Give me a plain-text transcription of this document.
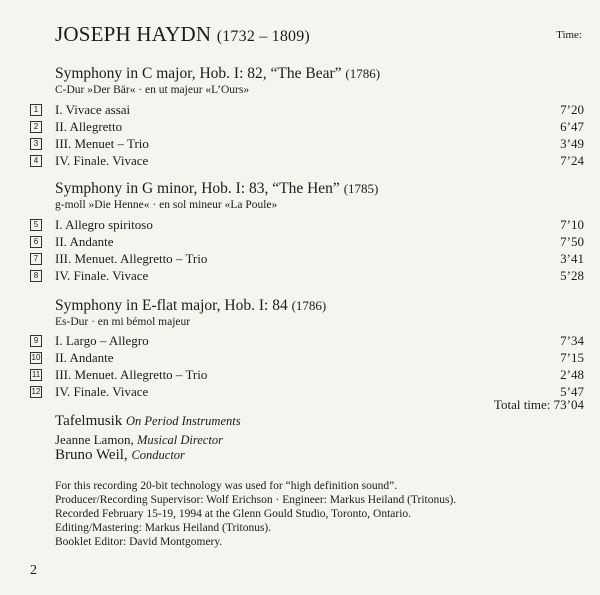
JOSEPH HAYDN (1732 – 1809)	Time:
Symphony in C major, Hob. I: 82, “The Bear” (1786)
C-Dur »Der Bär« · en ut majeur «L’Ours»
1 I. Vivace assai	7’20
2 II. Allegretto	6’47
3 III. Menuet – Trio	3’49
4 IV. Finale. Vivace	7’24
Symphony in G minor, Hob. I: 83, “The Hen” (1785)
g-moll »Die Henne« · en sol mineur «La Poule»
5 I. Allegro spiritoso	7’10
6 II. Andante	7’50
7 III. Menuet. Allegretto – Trio	3’41
8 IV. Finale. Vivace	5’28
Symphony in E-flat major, Hob. I: 84 (1786)
Es-Dur · en mi bémol majeur
9 I. Largo – Allegro	7’34
10 II. Andante	7’15
11 III. Menuet. Allegretto – Trio	2’48
12 IV. Finale. Vivace	5’47
Total time: 73’04
Tafelmusik On Period Instruments
Jeanne Lamon, Musical Director
Bruno Weil, Conductor
For this recording 20-bit technology was used for “high definition sound”.
Producer/Recording Supervisor: Wolf Erichson · Engineer: Markus Heiland (Tritonus).
Recorded February 15-19, 1994 at the Glenn Gould Studio, Toronto, Ontario.
Editing/Mastering: Markus Heiland (Tritonus).
Booklet Editor: David Montgomery.
2
